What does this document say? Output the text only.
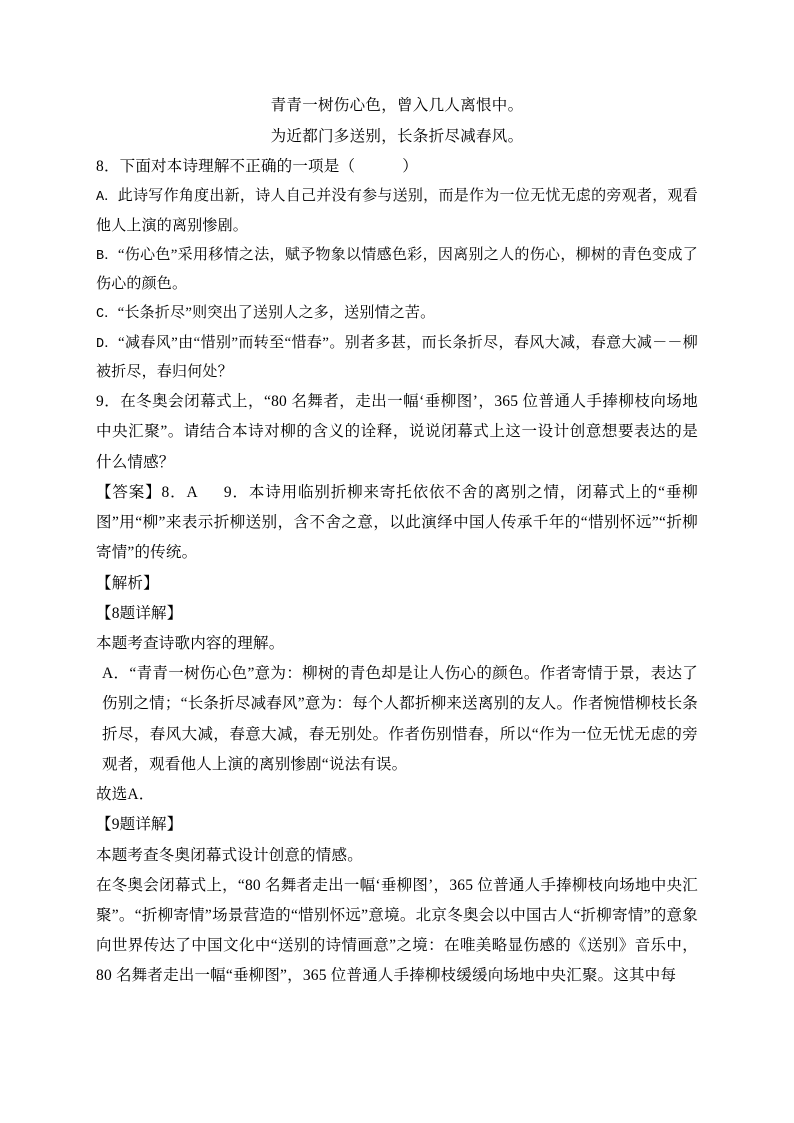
青青一树伤心色，曾入几人离恨中。
为近都门多送别，长条折尽减春风。

8．下面对本诗理解不正确的一项是（　　　）

A．此诗写作角度出新，诗人自己并没有参与送别，而是作为一位无忧无虑的旁观者，观看他人上演的离别惨剧。

B．“伤心色”采用移情之法，赋予物象以情感色彩，因离别之人的伤心，柳树的青色变成了伤心的颜色。

C．“长条折尽”则突出了送别人之多，送别情之苦。

D．“减春风”由“惜别”而转至“惜春”。别者多甚，而长条折尽，春风大减，春意大减－－柳被折尽，春归何处？

9．在冬奥会闭幕式上，“80 名舞者，走出一幅‘垂柳图’，365 位普通人手捧柳枝向场地中央汇聚”。请结合本诗对柳的含义的诠释，说说闭幕式上这一设计创意想要表达的是什么情感？

【答案】8．A 9．本诗用临别折柳来寄托依依不舍的离别之情，闭幕式上的“垂柳图”用“柳”来表示折柳送别，含不舍之意，以此演绎中国人传承千年的“惜别怀远”“折柳寄情”的传统。

【解析】

【8题详解】

本题考查诗歌内容的理解。

A．“青青一树伤心色”意为：柳树的青色却是让人伤心的颜色。作者寄情于景，表达了伤别之情；“长条折尽减春风”意为：每个人都折柳来送离别的友人。作者惋惜柳枝长条折尽，春风大减，春意大减，春无别处。作者伤别惜春，所以“作为一位无忧无虑的旁观者，观看他人上演的离别惨剧“说法有误。

故选A．

【9题详解】

本题考查冬奥闭幕式设计创意的情感。

在冬奥会闭幕式上，“80 名舞者走出一幅‘垂柳图’，365 位普通人手捧柳枝向场地中央汇聚”。“折柳寄情”场景营造的“惜别怀远”意境。北京冬奥会以中国古人“折柳寄情”的意象向世界传达了中国文化中“送别的诗情画意”之境：在唯美略显伤感的《送别》音乐中，80 名舞者走出一幅“垂柳图”，365 位普通人手捧柳枝缓缓向场地中央汇聚。这其中每
